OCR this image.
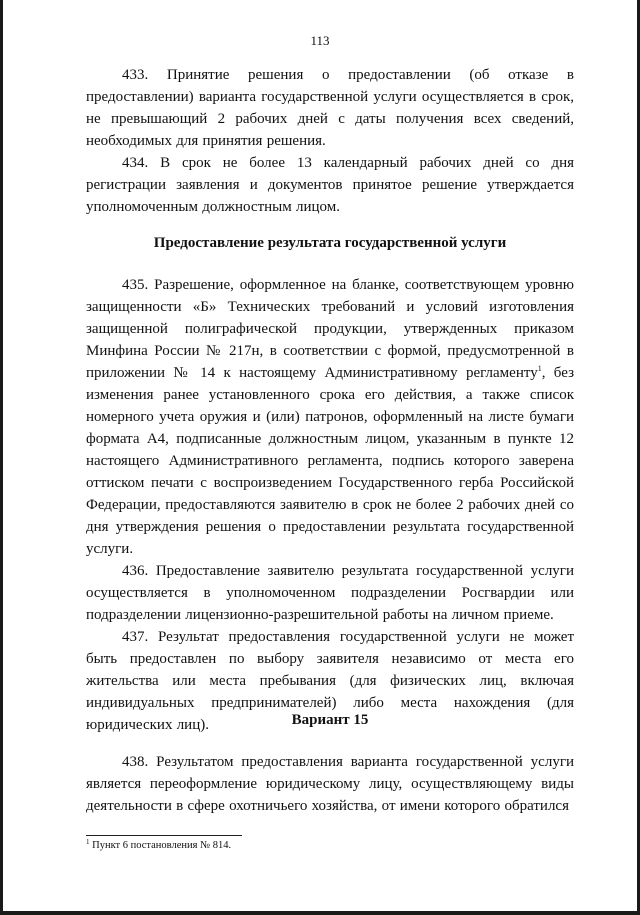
113

433. Принятие решения о предоставлении (об отказе в предоставлении) варианта государственной услуги осуществляется в срок, не превышающий 2 рабочих дней с даты получения всех сведений, необходимых для принятия решения.

434. В срок не более 13 календарный рабочих дней со дня регистрации заявления и документов принятое решение утверждается уполномоченным должностным лицом.

Предоставление результата государственной услуги

435. Разрешение, оформленное на бланке, соответствующем уровню защищенности «Б» Технических требований и условий изготовления защищенной полиграфической продукции, утвержденных приказом Минфина России № 217н, в соответствии с формой, предусмотренной в приложении № 14 к настоящему Административному регламенту$^1$, без изменения ранее установленного срока его действия, а также список номерного учета оружия и (или) патронов, оформленный на листе бумаги формата А4, подписанные должностным лицом, указанным в пункте 12 настоящего Административного регламента, подпись которого заверена оттиском печати с воспроизведением Государственного герба Российской Федерации, предоставляются заявителю в срок не более 2 рабочих дней со дня утверждения решения о предоставлении результата государственной услуги.

436. Предоставление заявителю результата государственной услуги осуществляется в уполномоченном подразделении Росгвардии или подразделении лицензионно-разрешительной работы на личном приеме.

437. Результат предоставления государственной услуги не может быть предоставлен по выбору заявителя независимо от места его жительства или места пребывания (для физических лиц, включая индивидуальных предпринимателей) либо места нахождения (для юридических лиц).	Вариант 15

438. Результатом предоставления варианта государственной услуги является переоформление юридическому лицу, осуществляющему виды деятельности в сфере охотничьего хозяйства, от имени которого обратился

$^1$ Пункт 6 постановления № 814.
